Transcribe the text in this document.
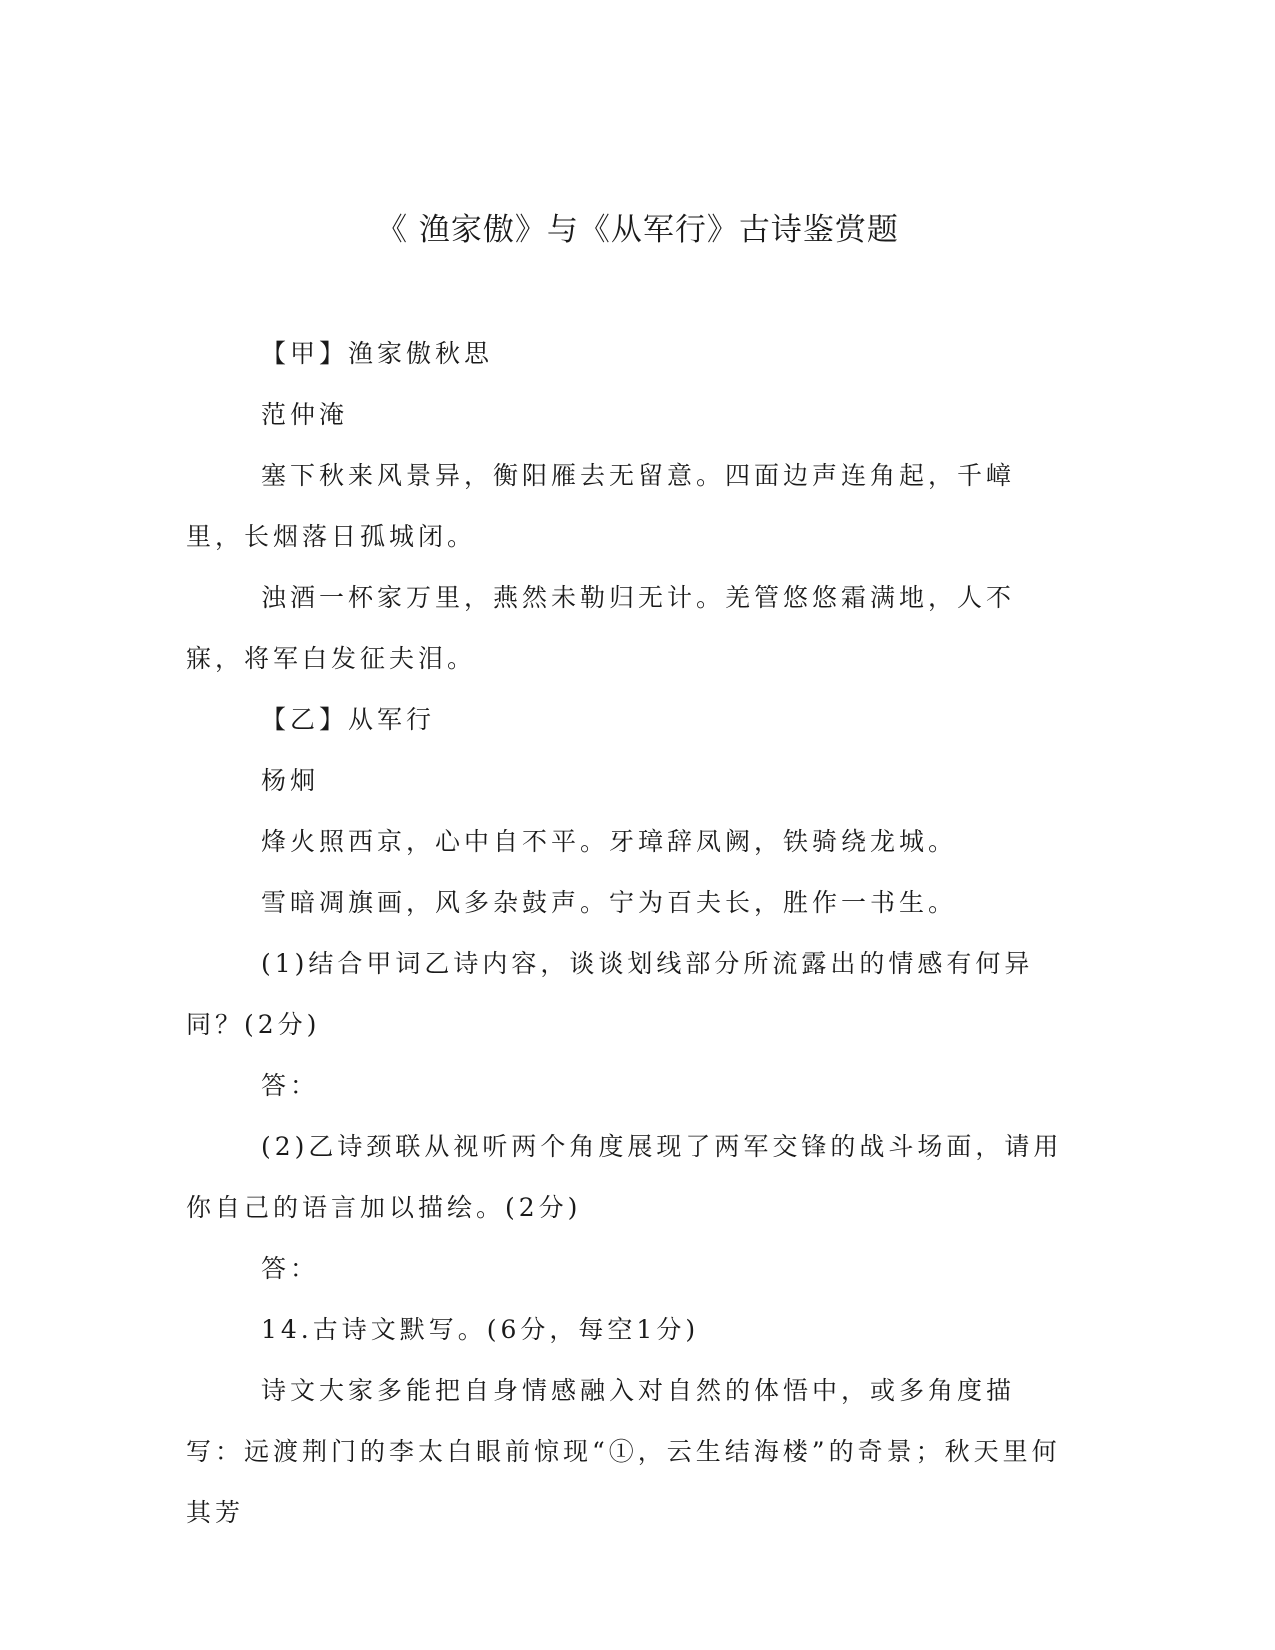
《 渔家傲》与《从军行》古诗鉴赏题

【甲】渔家傲秋思

范仲淹

塞下秋来风景异，衡阳雁去无留意。四面边声连角起，千嶂里，长烟落日孤城闭。

浊酒一杯家万里，燕然未勒归无计。羌管悠悠霜满地，人不寐，将军白发征夫泪。

【乙】从军行

杨炯

烽火照西京，心中自不平。牙璋辞凤阙，铁骑绕龙城。

雪暗凋旗画，风多杂鼓声。宁为百夫长，胜作一书生。

(1)结合甲词乙诗内容，谈谈划线部分所流露出的情感有何异同？(2分)

答：

(2)乙诗颈联从视听两个角度展现了两军交锋的战斗场面，请用你自己的语言加以描绘。(2分)

答：

14.古诗文默写。(6分，每空1分)

诗文大家多能把自身情感融入对自然的体悟中，或多角度描写：远渡荆门的李太白眼前惊现“①，云生结海楼”的奇景；秋天里何其芳
